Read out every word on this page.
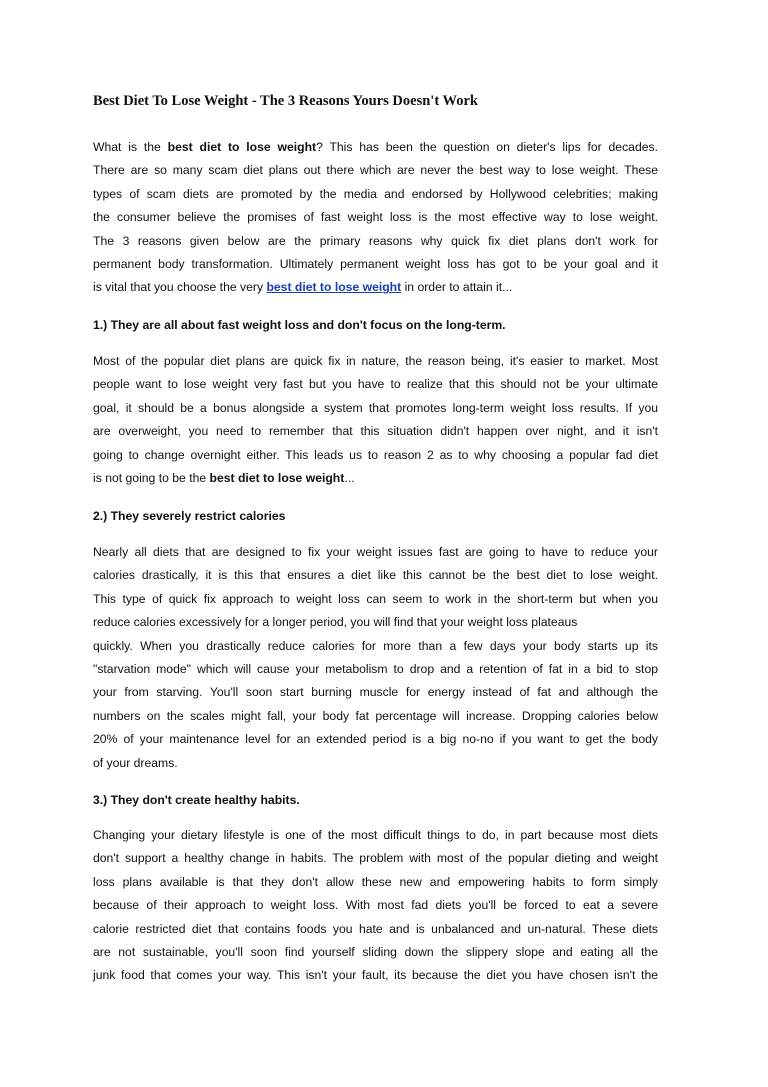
Best Diet To Lose Weight - The 3 Reasons Yours Doesn't Work

What is the best diet to lose weight? This has been the question on dieter's lips for decades.
There are so many scam diet plans out there which are never the best way to lose weight. These
types of scam diets are promoted by the media and endorsed by Hollywood celebrities; making
the consumer believe the promises of fast weight loss is the most effective way to lose weight.
The 3 reasons given below are the primary reasons why quick fix diet plans don't work for
permanent body transformation. Ultimately permanent weight loss has got to be your goal and it
is vital that you choose the very best diet to lose weight in order to attain it...

1.) They are all about fast weight loss and don't focus on the long-term.

Most of the popular diet plans are quick fix in nature, the reason being, it's easier to market. Most
people want to lose weight very fast but you have to realize that this should not be your ultimate
goal, it should be a bonus alongside a system that promotes long-term weight loss results. If you
are overweight, you need to remember that this situation didn't happen over night, and it isn't
going to change overnight either. This leads us to reason 2 as to why choosing a popular fad diet
is not going to be the best diet to lose weight...

2.) They severely restrict calories

Nearly all diets that are designed to fix your weight issues fast are going to have to reduce your
calories drastically, it is this that ensures a diet like this cannot be the best diet to lose weight.
This type of quick fix approach to weight loss can seem to work in the short-term but when you
reduce calories excessively for a longer period, you will find that your weight loss plateaus
quickly. When you drastically reduce calories for more than a few days your body starts up its
"starvation mode" which will cause your metabolism to drop and a retention of fat in a bid to stop
your from starving. You'll soon start burning muscle for energy instead of fat and although the
numbers on the scales might fall, your body fat percentage will increase. Dropping calories below
20% of your maintenance level for an extended period is a big no-no if you want to get the body
of your dreams.

3.) They don't create healthy habits.

Changing your dietary lifestyle is one of the most difficult things to do, in part because most diets
don't support a healthy change in habits. The problem with most of the popular dieting and weight
loss plans available is that they don't allow these new and empowering habits to form simply
because of their approach to weight loss. With most fad diets you'll be forced to eat a severe
calorie restricted diet that contains foods you hate and is unbalanced and un-natural. These diets
are not sustainable, you'll soon find yourself sliding down the slippery slope and eating all the
junk food that comes your way. This isn't your fault, its because the diet you have chosen isn't the
